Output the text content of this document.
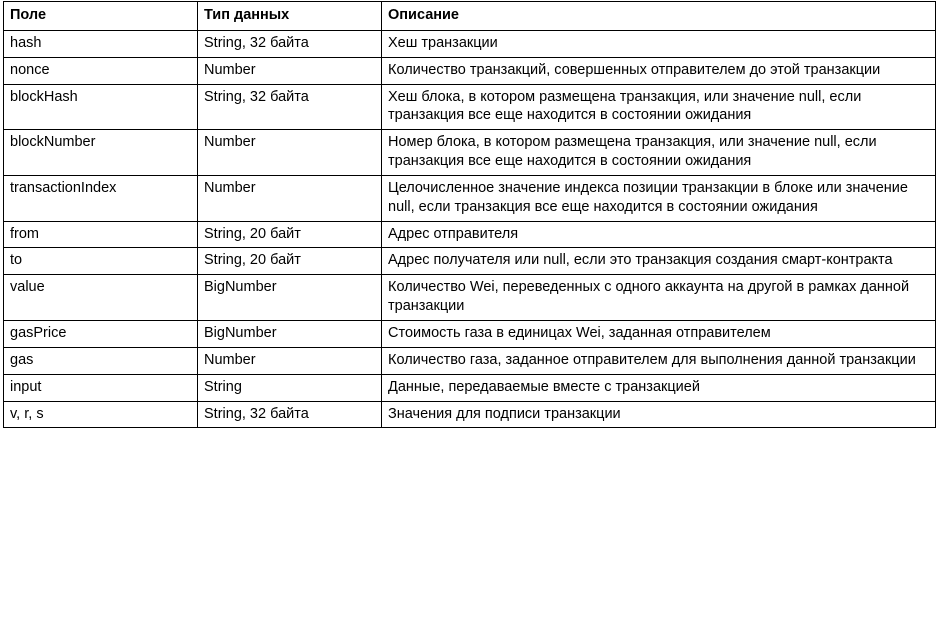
Поле	Тип данных	Описание
hash	String, 32 байта	Хеш транзакции
nonce	Number	Количество транзакций, совершенных отправителем до этой транзакции
blockHash	String, 32 байта	Хеш блока, в котором размещена транзакция, или значение null, если транзакция все еще находится в состоянии ожидания
blockNumber	Number	Номер блока, в котором размещена транзакция, или значение null, если транзакция все еще находится в состоянии ожидания
transactionIndex	Number	Целочисленное значение индекса позиции транзакции в блоке или значение null, если транзакция все еще находится в состоянии ожидания
from	String, 20 байт	Адрес отправителя
to	String, 20 байт	Адрес получателя или null, если это транзакция создания смарт-контракта
value	BigNumber	Количество Wei, переведенных с одного аккаунта на другой в рамках данной транзакции
gasPrice	BigNumber	Стоимость газа в единицах Wei, заданная отправителем
gas	Number	Количество газа, заданное отправителем для выполнения данной транзакции
input	String	Данные, передаваемые вместе с транзакцией
v, r, s	String, 32 байта	Значения для подписи транзакции
